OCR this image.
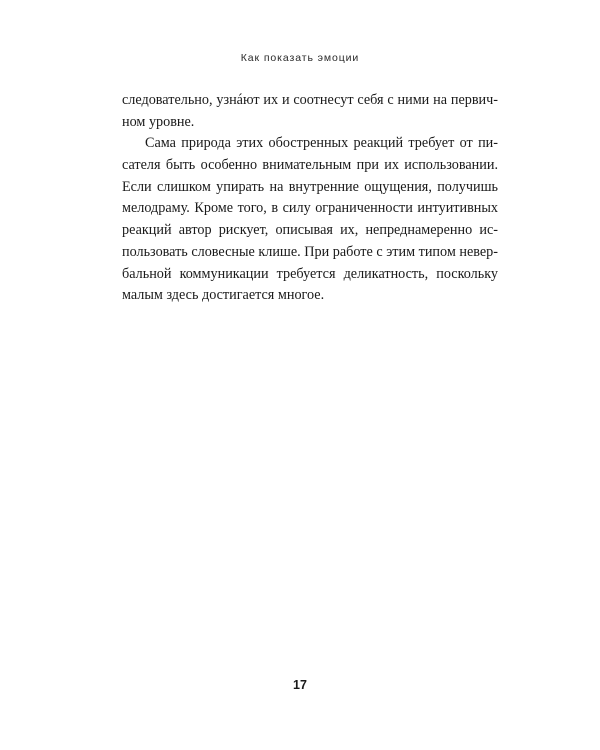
Как показать эмоции
следовательно, узнáют их и соотнесут себя с ними на первич-
ном уровне.
Сама природа этих обостренных реакций требует от пи-
сателя быть особенно внимательным при их использовании.
Если слишком упирать на внутренние ощущения, получишь
мелодраму. Кроме того, в силу ограниченности интуитивных
реакций автор рискует, описывая их, непреднамеренно ис-
пользовать словесные клише. При работе с этим типом невер-
бальной коммуникации требуется деликатность, поскольку
малым здесь достигается многое.
17
